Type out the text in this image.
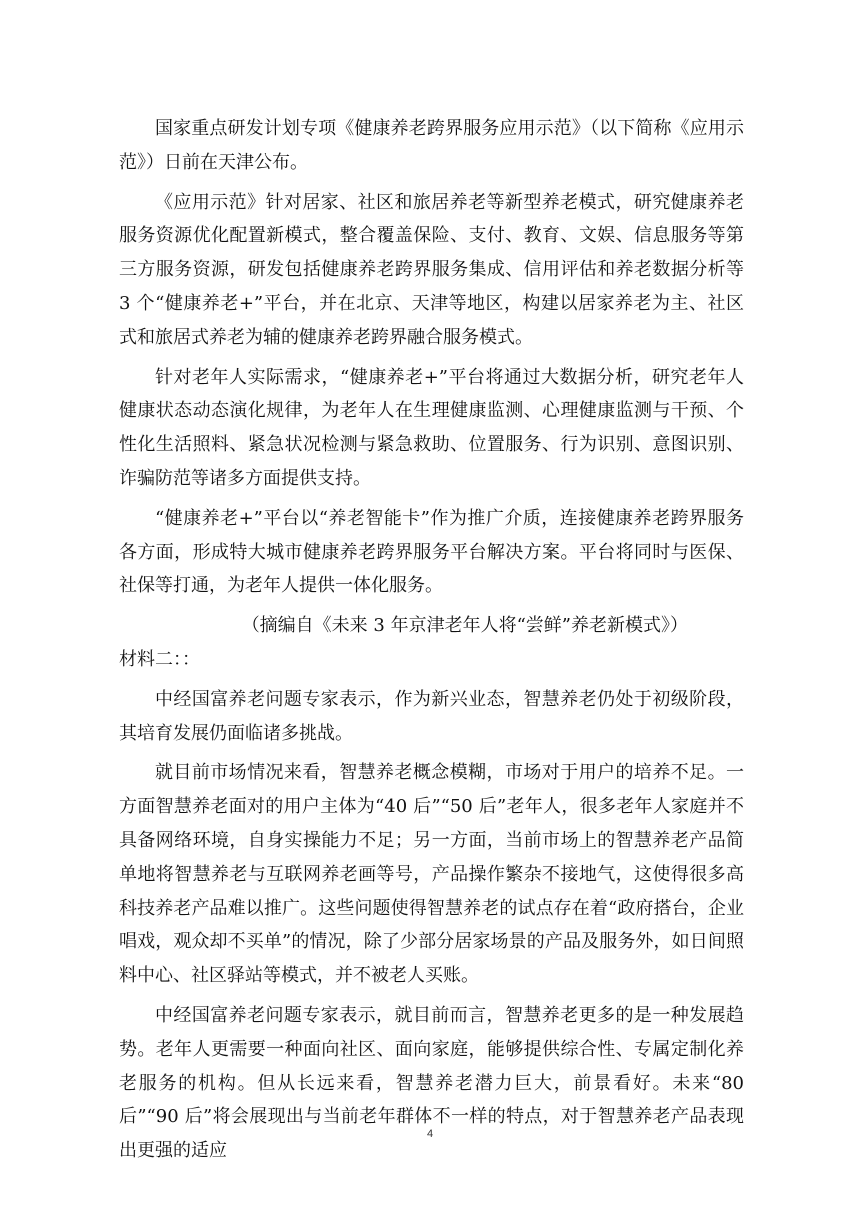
国家重点研发计划专项《健康养老跨界服务应用示范》（以下简称《应用示范》）日前在天津公布。

《应用示范》针对居家、社区和旅居养老等新型养老模式，研究健康养老服务资源优化配置新模式，整合覆盖保险、支付、教育、文娱、信息服务等第三方服务资源，研发包括健康养老跨界服务集成、信用评估和养老数据分析等 3 个“健康养老+”平台，并在北京、天津等地区，构建以居家养老为主、社区式和旅居式养老为辅的健康养老跨界融合服务模式。

针对老年人实际需求，“健康养老+”平台将通过大数据分析，研究老年人健康状态动态演化规律，为老年人在生理健康监测、心理健康监测与干预、个性化生活照料、紧急状况检测与紧急救助、位置服务、行为识别、意图识别、诈骗防范等诸多方面提供支持。

“健康养老+”平台以“养老智能卡”作为推广介质，连接健康养老跨界服务各方面，形成特大城市健康养老跨界服务平台解决方案。平台将同时与医保、社保等打通，为老年人提供一体化服务。

（摘编自《未来 3 年京津老年人将“尝鲜”养老新模式》）

材料二：：

中经国富养老问题专家表示，作为新兴业态，智慧养老仍处于初级阶段，其培育发展仍面临诸多挑战。

就目前市场情况来看，智慧养老概念模糊，市场对于用户的培养不足。一方面智慧养老面对的用户主体为“40 后”“50 后”老年人，很多老年人家庭并不具备网络环境，自身实操能力不足；另一方面，当前市场上的智慧养老产品简单地将智慧养老与互联网养老画等号，产品操作繁杂不接地气，这使得很多高科技养老产品难以推广。这些问题使得智慧养老的试点存在着“政府搭台，企业唱戏，观众却不买单”的情况，除了少部分居家场景的产品及服务外，如日间照料中心、社区驿站等模式，并不被老人买账。

中经国富养老问题专家表示，就目前而言，智慧养老更多的是一种发展趋势。老年人更需要一种面向社区、面向家庭，能够提供综合性、专属定制化养老服务的机构。但从长远来看，智慧养老潜力巨大，前景看好。未来“80 后”“90 后”将会展现出与当前老年群体不一样的特点，对于智慧养老产品表现出更强的适应

4
